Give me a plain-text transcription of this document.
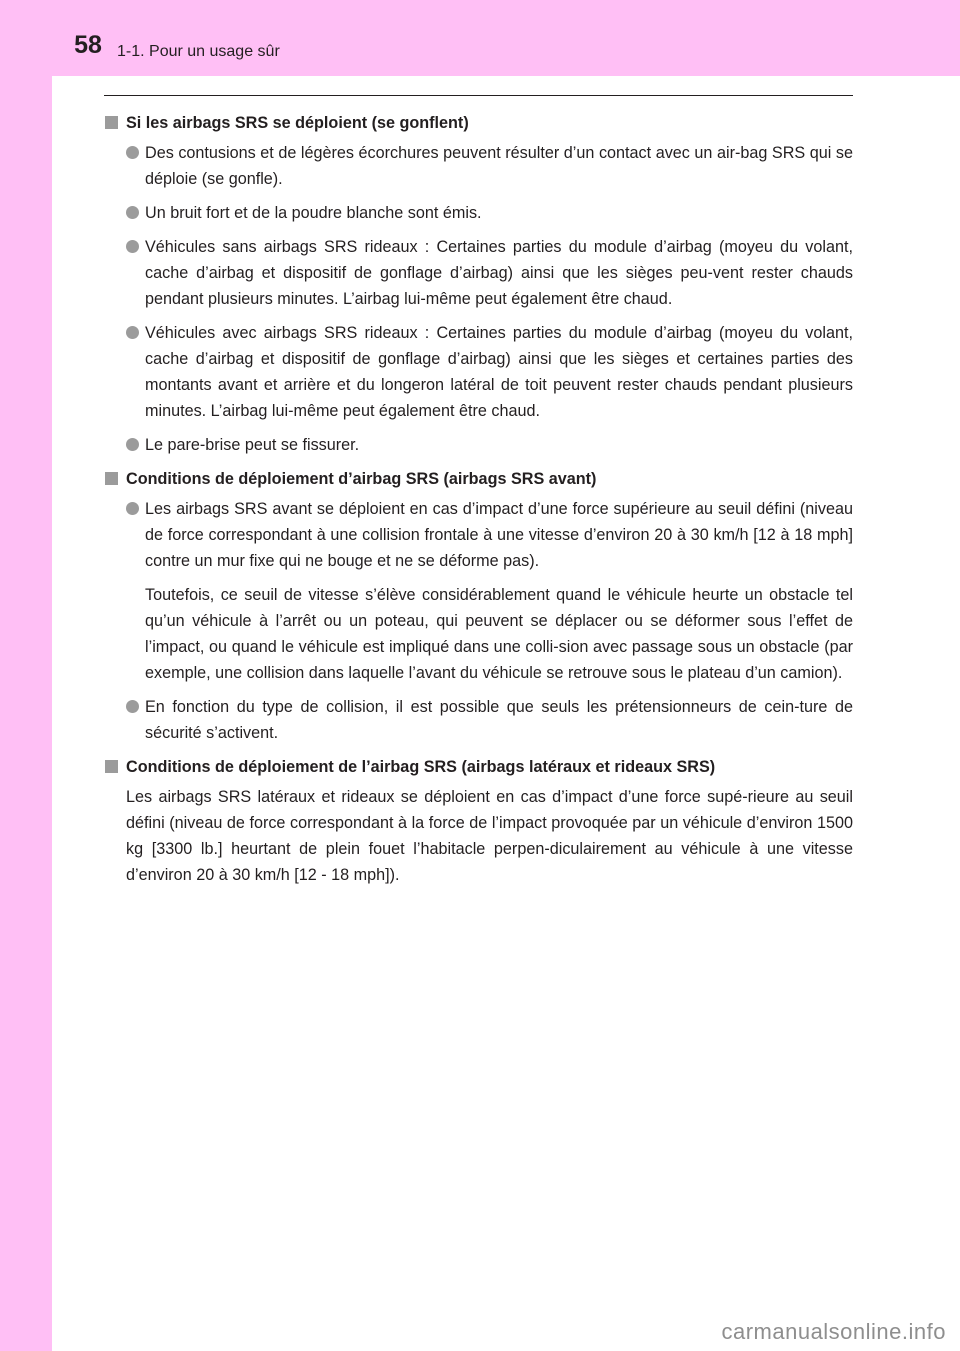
58 1-1. Pour un usage sûr
Si les airbags SRS se déploient (se gonflent)
Des contusions et de légères écorchures peuvent résulter d’un contact avec un air-bag SRS qui se déploie (se gonfle).
Un bruit fort et de la poudre blanche sont émis.
Véhicules sans airbags SRS rideaux : Certaines parties du module d’airbag (moyeu du volant, cache d’airbag et dispositif de gonflage d’airbag) ainsi que les sièges peu-vent rester chauds pendant plusieurs minutes. L’airbag lui-même peut également être chaud.
Véhicules avec airbags SRS rideaux : Certaines parties du module d’airbag (moyeu du volant, cache d’airbag et dispositif de gonflage d’airbag) ainsi que les sièges et certaines parties des montants avant et arrière et du longeron latéral de toit peuvent rester chauds pendant plusieurs minutes. L’airbag lui-même peut également être chaud.
Le pare-brise peut se fissurer.
Conditions de déploiement d’airbag SRS (airbags SRS avant)
Les airbags SRS avant se déploient en cas d’impact d’une force supérieure au seuil défini (niveau de force correspondant à une collision frontale à une vitesse d’environ 20 à 30 km/h [12 à 18 mph] contre un mur fixe qui ne bouge et ne se déforme pas).
Toutefois, ce seuil de vitesse s’élève considérablement quand le véhicule heurte un obstacle tel qu’un véhicule à l’arrêt ou un poteau, qui peuvent se déplacer ou se déformer sous l’effet de l’impact, ou quand le véhicule est impliqué dans une colli-sion avec passage sous un obstacle (par exemple, une collision dans laquelle l’avant du véhicule se retrouve sous le plateau d’un camion).
En fonction du type de collision, il est possible que seuls les prétensionneurs de cein-ture de sécurité s’activent.
Conditions de déploiement de l’airbag SRS (airbags latéraux et rideaux SRS)
Les airbags SRS latéraux et rideaux se déploient en cas d’impact d’une force supé-rieure au seuil défini (niveau de force correspondant à la force de l’impact provoquée par un véhicule d’environ 1500 kg [3300 lb.] heurtant de plein fouet l’habitacle perpen-diculairement au véhicule à une vitesse d’environ 20 à 30 km/h [12 - 18 mph]).
carmanualsonline.info
